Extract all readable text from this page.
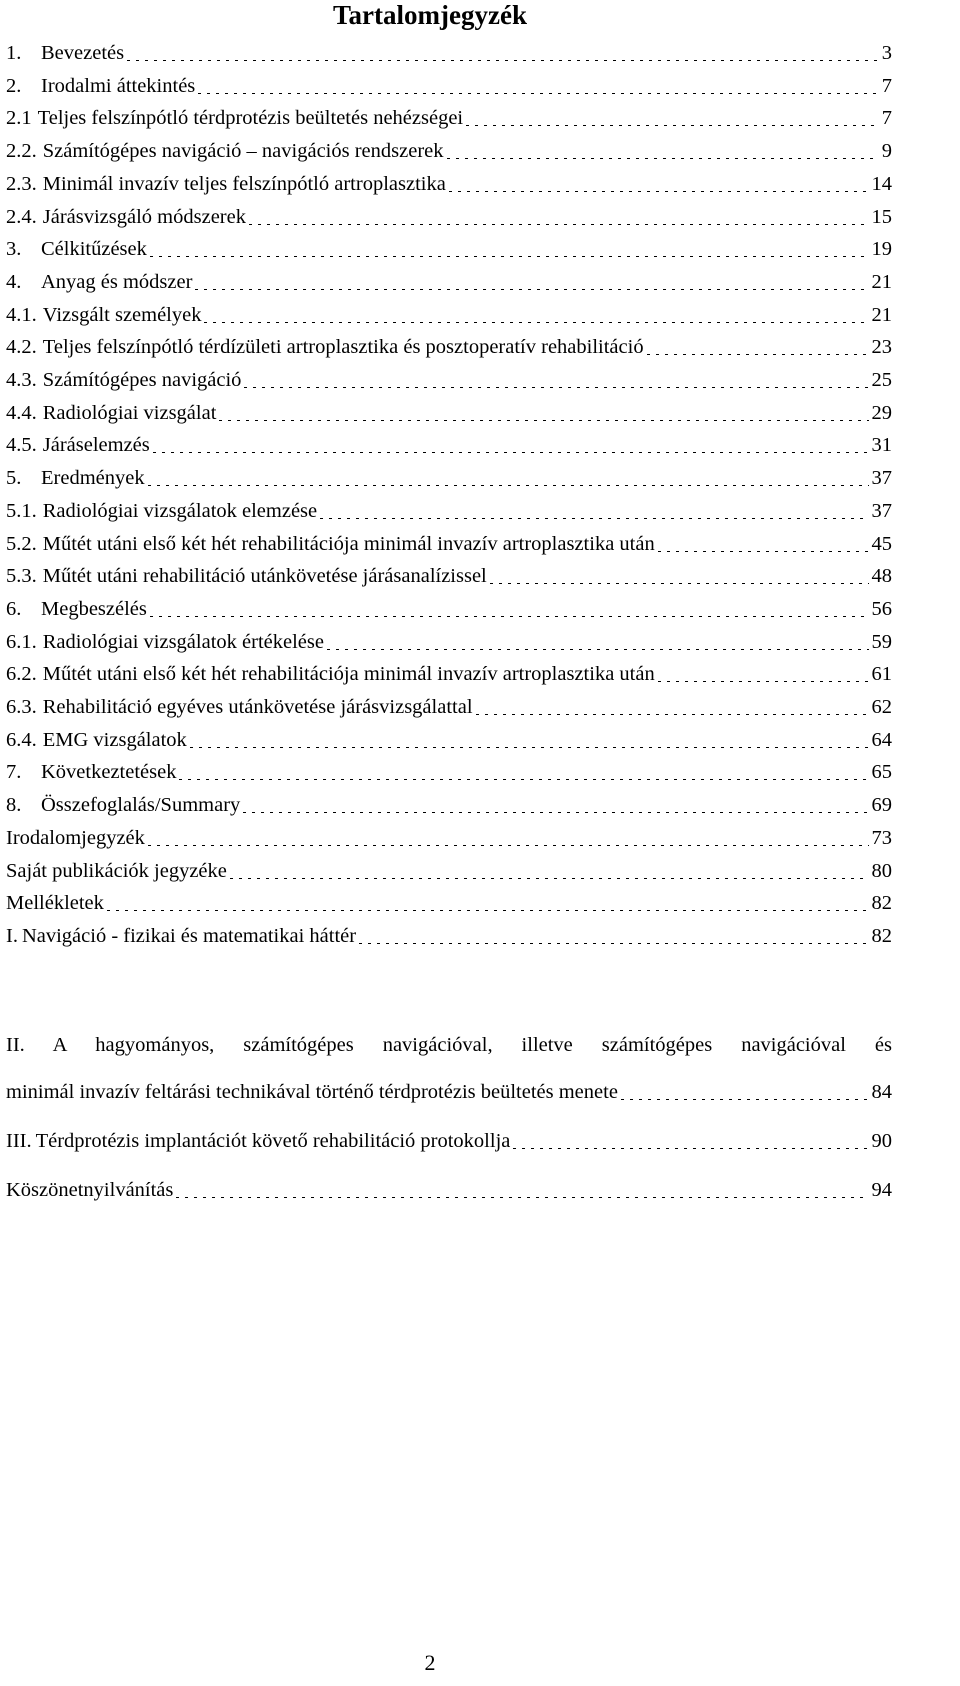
Tartalomjegyzék
1. Bevezetés	3
2. Irodalmi áttekintés	7
2.1 Teljes felszínpótló térdprotézis beültetés nehézségei	7
2.2. Számítógépes navigáció – navigációs rendszerek	9
2.3. Minimál invazív teljes felszínpótló artroplasztika	14
2.4. Járásvizsgáló módszerek	15
3. Célkitűzések	19
4. Anyag és módszer	21
4.1. Vizsgált személyek	21
4.2. Teljes felszínpótló térdízületi artroplasztika és posztoperatív rehabilitáció	23
4.3. Számítógépes navigáció	25
4.4. Radiológiai vizsgálat	29
4.5. Járáselemzés	31
5. Eredmények	37
5.1. Radiológiai vizsgálatok elemzése	37
5.2. Műtét utáni első két hét rehabilitációja minimál invazív artroplasztika után	45
5.3. Műtét utáni rehabilitáció utánkövetése járásanalízissel	48
6. Megbeszélés	56
6.1. Radiológiai vizsgálatok értékelése	59
6.2. Műtét utáni első két hét rehabilitációja minimál invazív artroplasztika után	61
6.3. Rehabilitáció egyéves utánkövetése járásvizsgálattal	62
6.4. EMG vizsgálatok	64
7. Következtetések	65
8. Összefoglalás/Summary	69
Irodalomjegyzék	73
Saját publikációk jegyzéke	80
Mellékletek	82
I. Navigáció - fizikai és matematikai háttér	82
II. A hagyományos, számítógépes navigációval, illetve számítógépes navigációval és
minimál invazív feltárási technikával történő térdprotézis beültetés menete	84
III. Térdprotézis implantációt követő rehabilitáció protokollja	90
Köszönetnyilvánítás	94
2
